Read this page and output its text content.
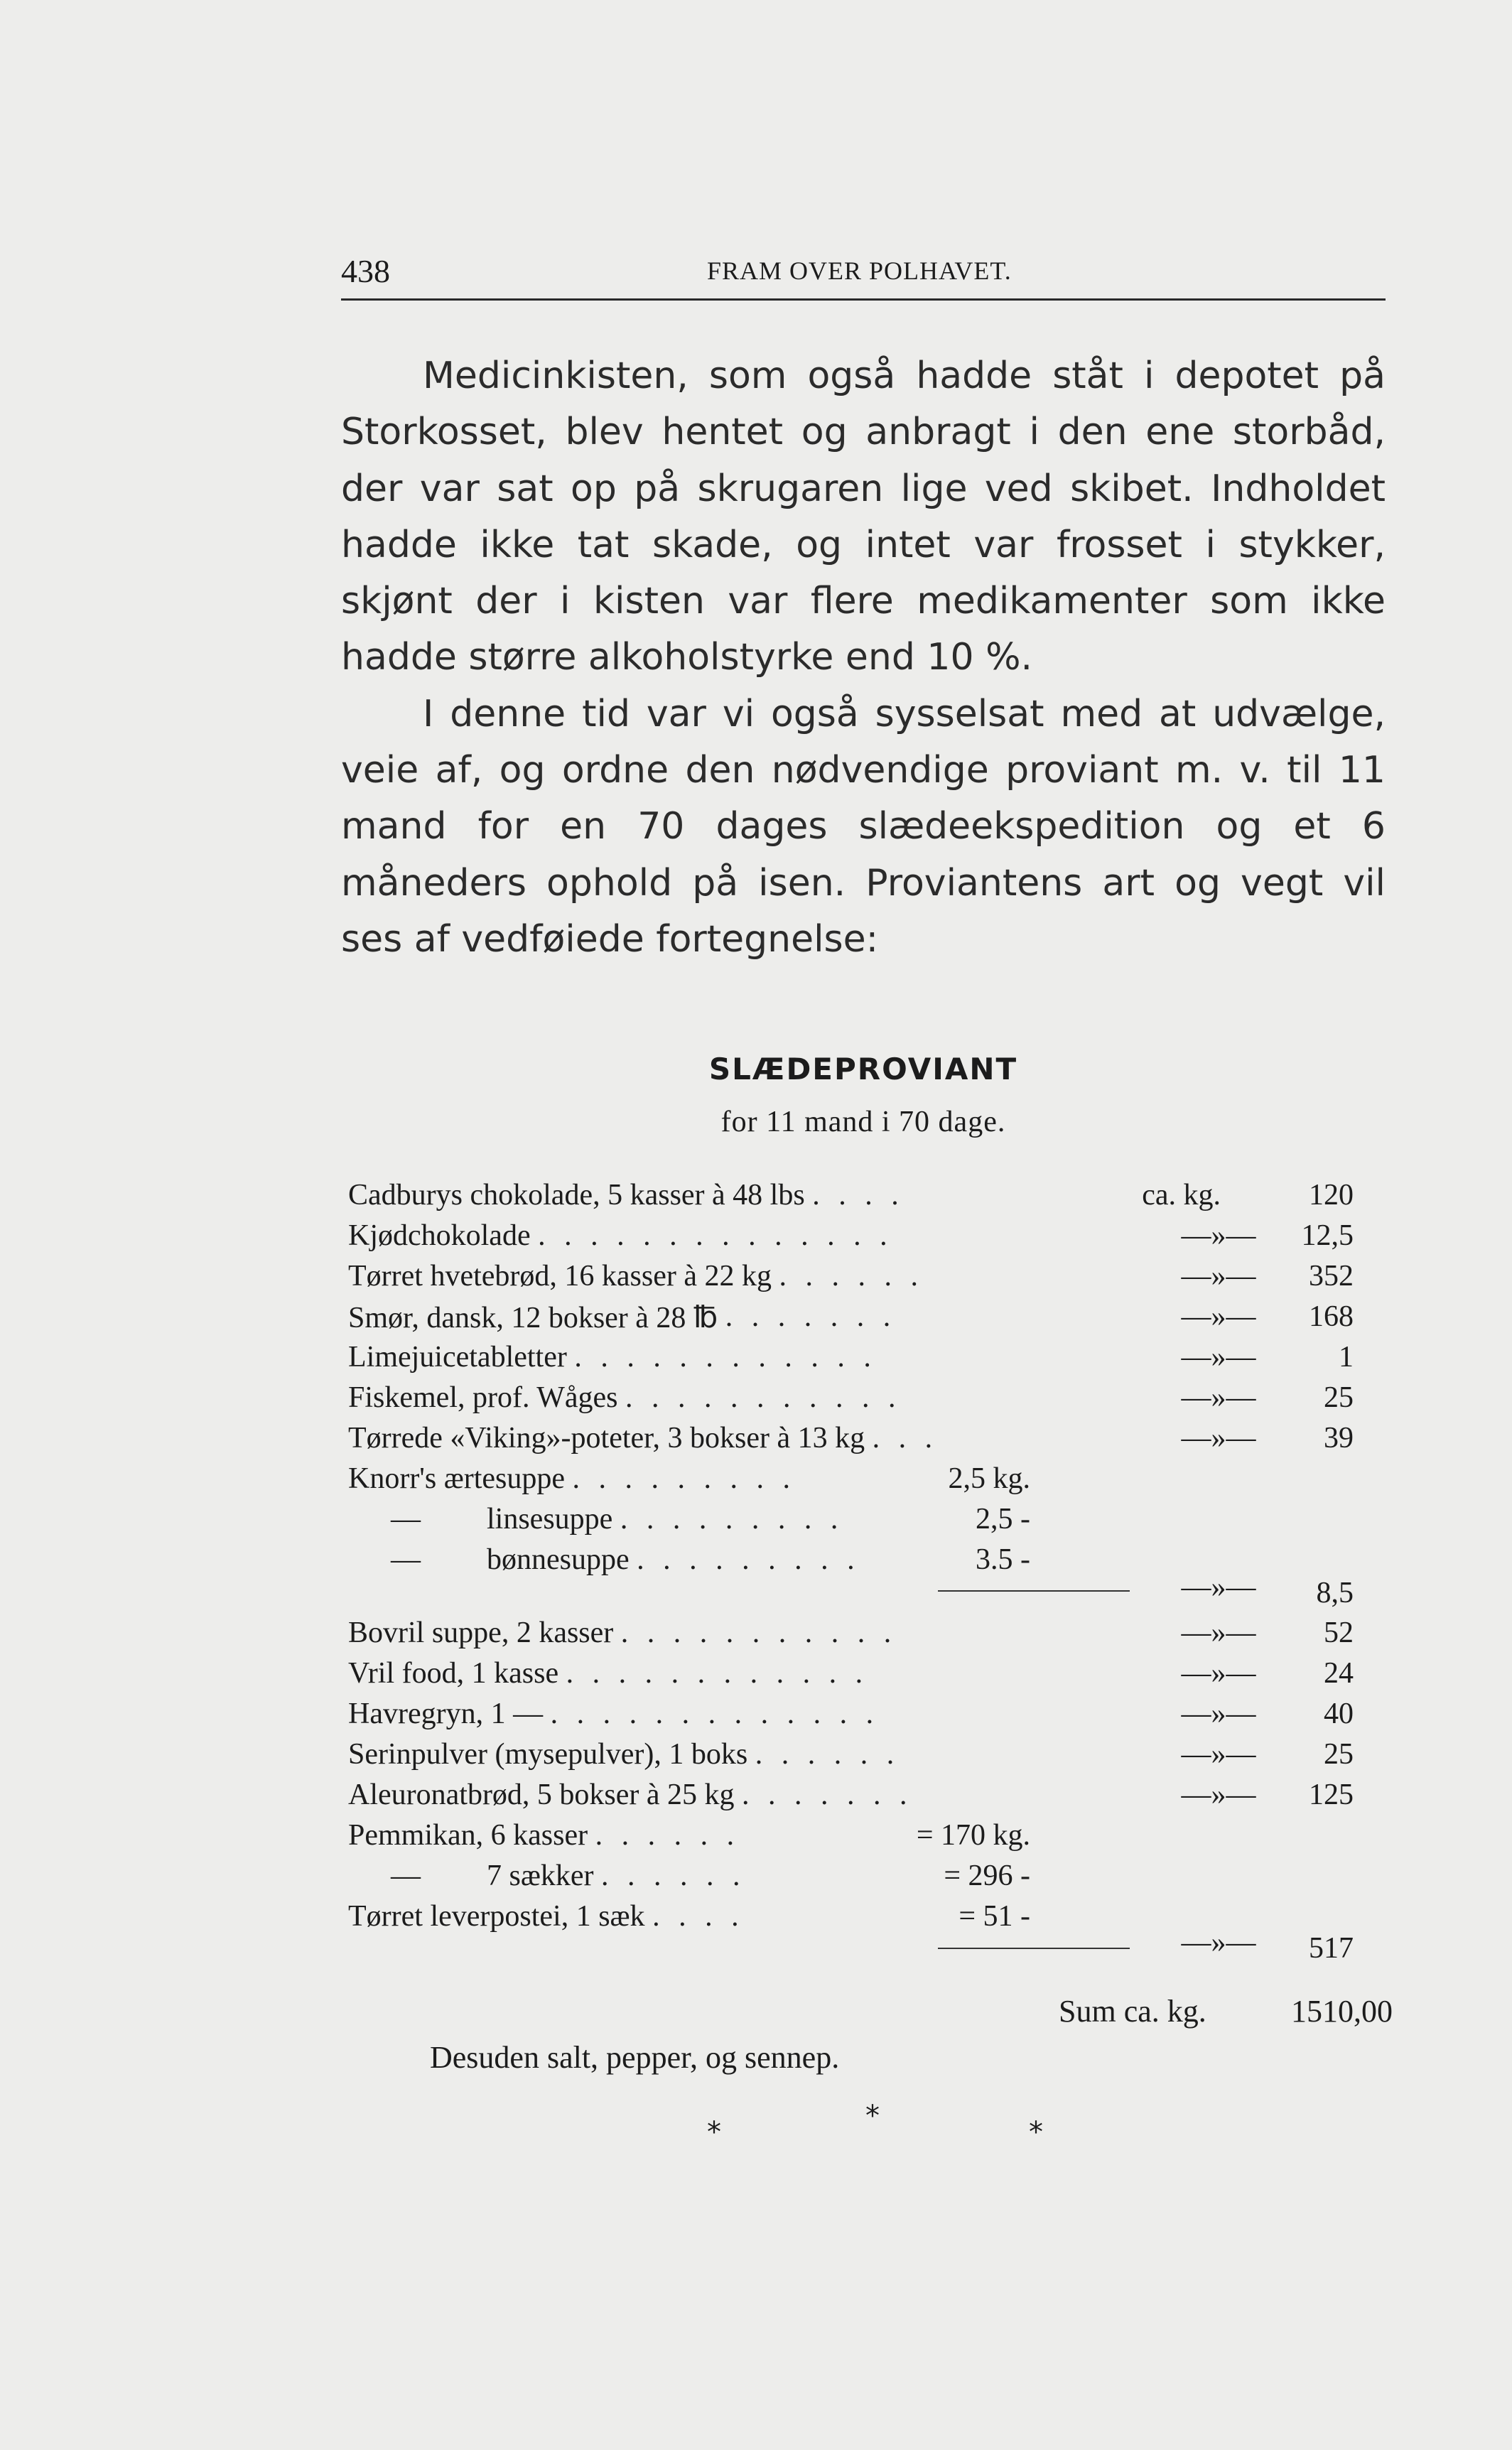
438	FRAM OVER POLHAVET.

Medicinkisten, som også hadde ståt i depotet på Storkosset, blev hentet og anbragt i den ene storbåd, der var sat op på skrugaren lige ved skibet. Indholdet hadde ikke tat skade, og intet var frosset i stykker, skjønt der i kisten var flere medikamenter som ikke hadde større alkoholstyrke end 10 %.

I denne tid var vi også sysselsat med at udvælge, veie af, og ordne den nødvendige proviant m. v. til 11 mand for en 70 dages slædeekspedition og et 6 måneders ophold på isen. Proviantens art og vegt vil ses af vedføiede fortegnelse:

SLÆDEPROVIANT
for 11 mand i 70 dage.
Cadburys chokolade, 5 kasser à 48 lbs . . . .	ca. kg.	120
Kjødchokolade . . . . . . . . . . . . . .	—»—	12,5
Tørret hvetebrød, 16 kasser à 22 kg . . . . . .	—»—	352
Smør, dansk, 12 bokser à 28 ℔ . . . . . . .	—»—	168
Limejuicetabletter . . . . . . . . . . . .	—»—	1
Fiskemel, prof. Wåges . . . . . . . . . . .	—»—	25
Tørrede «Viking»-poteter, 3 bokser à 13 kg . . .	—»—	39
Knorr's ærtesuppe . . . . . . . . .	2,5 kg.
— linsesuppe . . . . . . . . .	2,5 -
— bønnesuppe . . . . . . . . .	3.5 -
—»—	8,5
Bovril suppe, 2 kasser . . . . . . . . . . .	—»—	52
Vril food, 1 kasse . . . . . . . . . . . .	—»—	24
Havregryn, 1 — . . . . . . . . . . . . .	—»—	40
Serinpulver (mysepulver), 1 boks . . . . . .	—»—	25
Aleuronatbrød, 5 bokser à 25 kg . . . . . . .	—»—	125
Pemmikan, 6 kasser . . . . . .	= 170 kg.
— 7 sækker . . . . . .	= 296 -
Tørret leverpostei, 1 sæk . . . .	= 51 -
—»—	517
Sum ca. kg.	1510,00
Desuden salt, pepper, og sennep.
*	*	*
